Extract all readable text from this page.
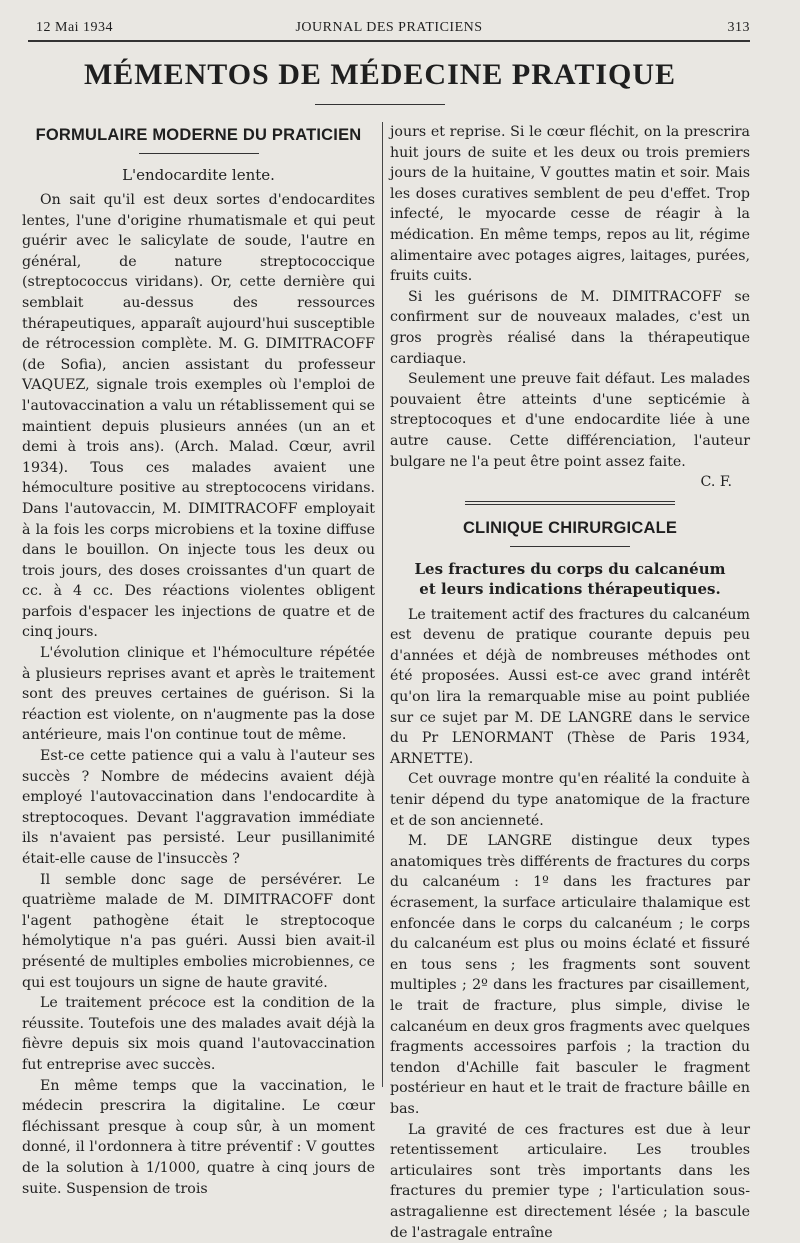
12 Mai 1934	JOURNAL DES PRATICIENS	313
MÉMENTOS DE MÉDECINE PRATIQUE
FORMULAIRE MODERNE DU PRATICIEN
L'endocardite lente.

On sait qu'il est deux sortes d'endocardites lentes, l'une d'origine rhumatismale et qui peut guérir avec le salicylate de soude, l'autre en général, de nature streptococcique (streptococcus viridans). Or, cette dernière qui semblait au-dessus des ressources thérapeutiques, apparaît aujourd'hui susceptible de rétrocession complète. M. G. DIMITRACOFF (de Sofia), ancien assistant du professeur VAQUEZ, signale trois exemples où l'emploi de l'autovaccination a valu un rétablissement qui se maintient depuis plusieurs années (un an et demi à trois ans). (Arch. Malad. Cœur, avril 1934). Tous ces malades avaient une hémoculture positive au streptococens viridans. Dans l'autovaccin, M. DIMITRACOFF employait à la fois les corps microbiens et la toxine diffuse dans le bouillon. On injecte tous les deux ou trois jours, des doses croissantes d'un quart de cc. à 4 cc. Des réactions violentes obligent parfois d'espacer les injections de quatre et de cinq jours.

L'évolution clinique et l'hémoculture répétée à plusieurs reprises avant et après le traitement sont des preuves certaines de guérison. Si la réaction est violente, on n'augmente pas la dose antérieure, mais l'on continue tout de même.

Est-ce cette patience qui a valu à l'auteur ses succès ? Nombre de médecins avaient déjà employé l'autovaccination dans l'endocardite à streptocoques. Devant l'aggravation immédiate ils n'avaient pas persisté. Leur pusillanimité était-elle cause de l'insuccès ?

Il semble donc sage de persévérer. Le quatrième malade de M. DIMITRACOFF dont l'agent pathogène était le streptocoque hémolytique n'a pas guéri. Aussi bien avait-il présenté de multiples embolies microbiennes, ce qui est toujours un signe de haute gravité.

Le traitement précoce est la condition de la réussite. Toutefois une des malades avait déjà la fièvre depuis six mois quand l'autovaccination fut entreprise avec succès.

En même temps que la vaccination, le médecin prescrira la digitaline. Le cœur fléchissant presque à coup sûr, à un moment donné, il l'ordonnera à titre préventif : V gouttes de la solution à 1/1000, quatre à cinq jours de suite. Suspension de trois

jours et reprise. Si le cœur fléchit, on la prescrira huit jours de suite et les deux ou trois premiers jours de la huitaine, V gouttes matin et soir. Mais les doses curatives semblent de peu d'effet. Trop infecté, le myocarde cesse de réagir à la médication. En même temps, repos au lit, régime alimentaire avec potages aigres, laitages, purées, fruits cuits.

Si les guérisons de M. DIMITRACOFF se confirment sur de nouveaux malades, c'est un gros progrès réalisé dans la thérapeutique cardiaque.

Seulement une preuve fait défaut. Les malades pouvaient être atteints d'une septicémie à streptocoques et d'une endocardite liée à une autre cause. Cette différenciation, l'auteur bulgare ne l'a peut être point assez faite.

C. F.
CLINIQUE CHIRURGICALE
Les fractures du corps du calcanéum
et leurs indications thérapeutiques.

Le traitement actif des fractures du calcanéum est devenu de pratique courante depuis peu d'années et déjà de nombreuses méthodes ont été proposées. Aussi est-ce avec grand intérêt qu'on lira la remarquable mise au point publiée sur ce sujet par M. DE LANGRE dans le service du Pr LENORMANT (Thèse de Paris 1934, ARNETTE).

Cet ouvrage montre qu'en réalité la conduite à tenir dépend du type anatomique de la fracture et de son ancienneté.

M. DE LANGRE distingue deux types anatomiques très différents de fractures du corps du calcanéum : 1º dans les fractures par écrasement, la surface articulaire thalamique est enfoncée dans le corps du calcanéum ; le corps du calcanéum est plus ou moins éclaté et fissuré en tous sens ; les fragments sont souvent multiples ; 2º dans les fractures par cisaillement, le trait de fracture, plus simple, divise le calcanéum en deux gros fragments avec quelques fragments accessoires parfois ; la traction du tendon d'Achille fait basculer le fragment postérieur en haut et le trait de fracture bâille en bas.

La gravité de ces fractures est due à leur retentissement articulaire. Les troubles articulaires sont très importants dans les fractures du premier type ; l'articulation sous-astragalienne est directement lésée ; la bascule de l'astragale entraîne
